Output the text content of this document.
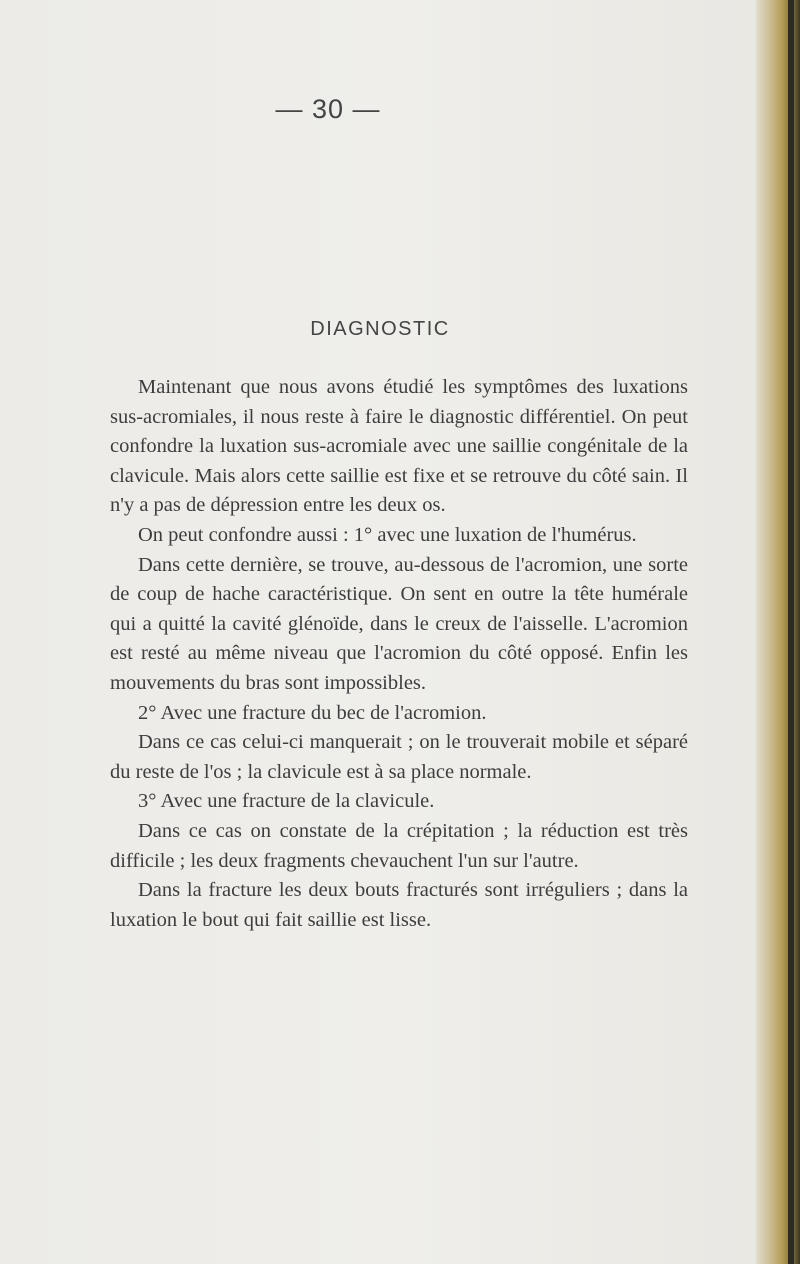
— 30 —
DIAGNOSTIC

Maintenant que nous avons étudié les symptômes des luxations sus-acromiales, il nous reste à faire le diagnostic différentiel. On peut confondre la luxation sus-acromiale avec une saillie congénitale de la clavicule. Mais alors cette saillie est fixe et se retrouve du côté sain. Il n'y a pas de dépression entre les deux os.

On peut confondre aussi : 1° avec une luxation de l'humérus.

Dans cette dernière, se trouve, au-dessous de l'acromion, une sorte de coup de hache caractéristique. On sent en outre la tête humérale qui a quitté la cavité glénoïde, dans le creux de l'aisselle. L'acromion est resté au même niveau que l'acromion du côté opposé. Enfin les mouvements du bras sont impossibles.

2° Avec une fracture du bec de l'acromion.

Dans ce cas celui-ci manquerait ; on le trouverait mobile et séparé du reste de l'os ; la clavicule est à sa place normale.

3° Avec une fracture de la clavicule.

Dans ce cas on constate de la crépitation ; la réduction est très difficile ; les deux fragments chevauchent l'un sur l'autre.

Dans la fracture les deux bouts fracturés sont irréguliers ; dans la luxation le bout qui fait saillie est lisse.
